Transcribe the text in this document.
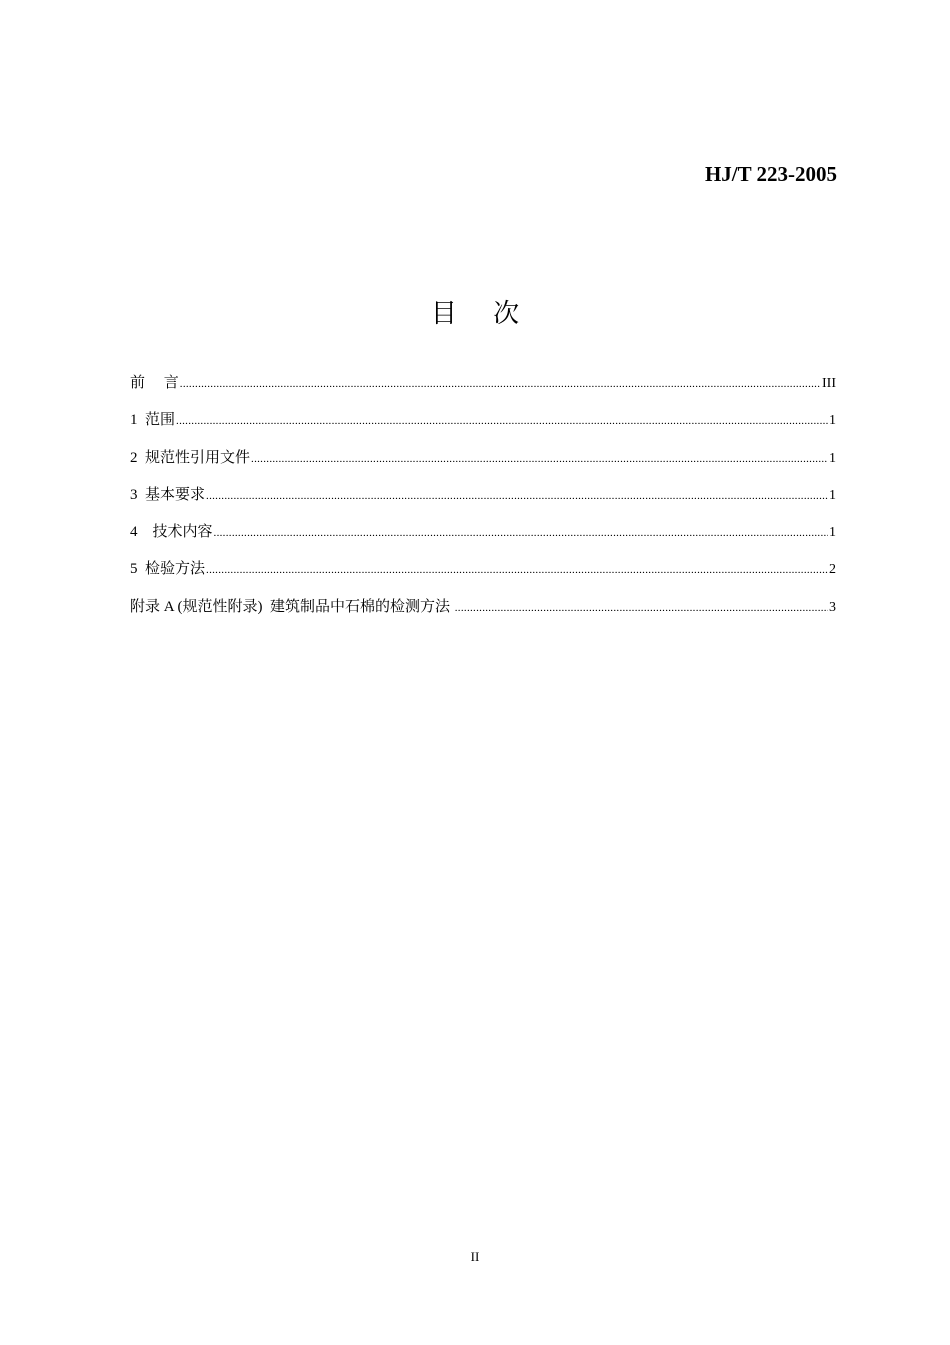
HJ/T 223-2005
目 次
前　 言 .....	III
1  范围 .....	1
2  规范性引用文件 .....	1
3  基本要求 .....	1
4    技术内容 .....	1
5  检验方法 .....	2
附录 A (规范性附录)  建筑制品中石棉的检测方法 .....	3
II
